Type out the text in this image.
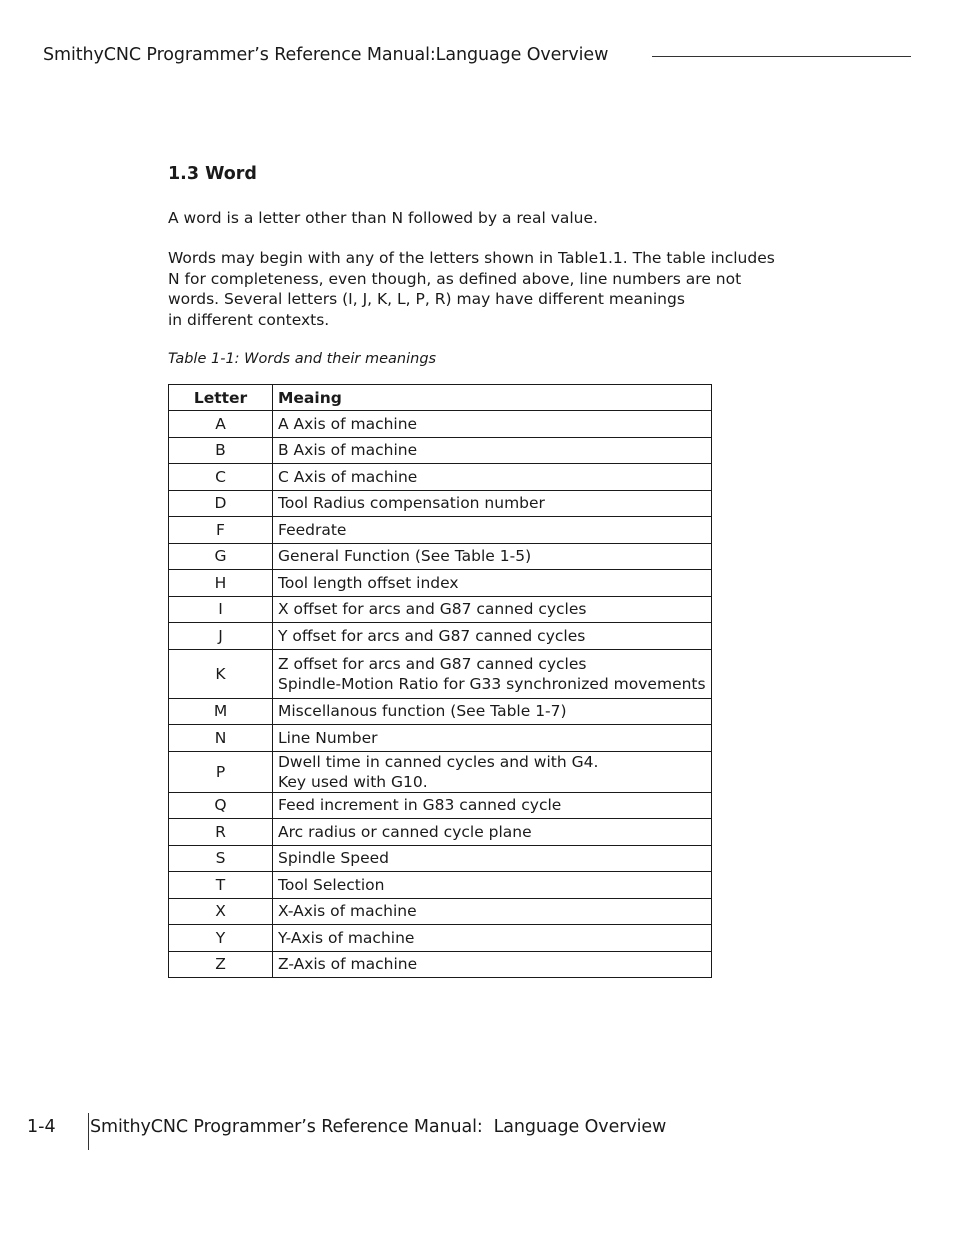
SmithyCNC Programmer’s Reference Manual:Language Overview
1.3 Word
A word is a letter other than N followed by a real value.
Words may begin with any of the letters shown in Table1.1. The table includes
N for completeness, even though, as defined above, line numbers are not
words. Several letters (I, J, K, L, P, R) may have different meanings
in different contexts.
Table 1-1: Words and their meanings
Letter	Meaing
A	A Axis of machine

B	B Axis of machine

C	C Axis of machine

D	Tool Radius compensation number

F	Feedrate

G	General Function (See Table 1-5)

H	Tool length offset index

I	X offset for arcs and G87 canned cycles

J	Y offset for arcs and G87 canned cycles

K	Z offset for arcs and G87 canned cycles
Spindle-Motion Ratio for G33 synchronized movements

M	Miscellanous function (See Table 1-7)

N	Line Number

P	Dwell time in canned cycles and with G4.
Key used with G10.

Q	Feed increment in G83 canned cycle

R	Arc radius or canned cycle plane

S	Spindle Speed

T	Tool Selection

X	X-Axis of machine

Y	Y-Axis of machine

Z	Z-Axis of machine
1-4 SmithyCNC Programmer’s Reference Manual:  Language Overview
